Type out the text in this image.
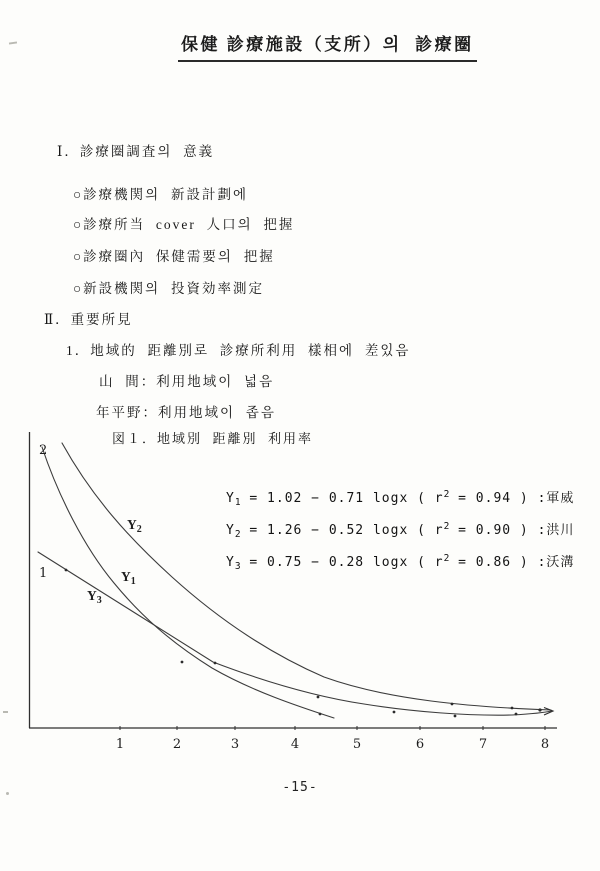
保健 診療施設（支所）의  診療圈
Ⅰ．診療圈調査의  意義
○診療機関의  新設計劃에
○診療所当  cover  人口의  把握
○診療圈內  保健需要의  把握
○新設機関의  投資効率測定
Ⅱ．重要所見
1．地域的  距離別로  診療所利用  樣相에  差있음
山  間：利用地域이  넓음
年平野：利用地域이  좁음
図１．地域別  距離別  利用率
2
1
1	2	3	4	5	6	7	8
$Y_2$
$Y_1$
$Y_3$
$Y_1 = 1.02 - 0.71$ logx ( $r^2 = 0.94$ ) :軍威
$Y_2 = 1.26 - 0.52$ logx ( $r^2 = 0.90$ ) :洪川
$Y_3 = 0.75 - 0.28$ logx ( $r^2 = 0.86$ ) :沃溝
-15-
